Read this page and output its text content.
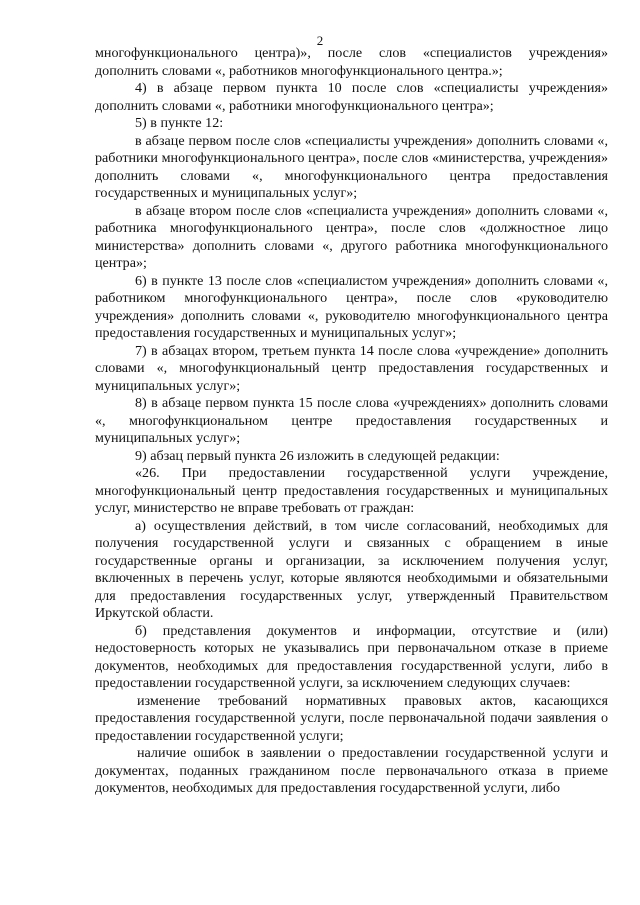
2

многофункционального центра)», после слов «специалистов учреждения» дополнить словами «, работников многофункционального центра.»;

4) в абзаце первом пункта 10 после слов «специалисты учреждения» дополнить словами «, работники многофункционального центра»;

5) в пункте 12:

в абзаце первом после слов «специалисты учреждения» дополнить словами «, работники многофункционального центра», после слов «министерства, учреждения» дополнить словами «, многофункционального центра предоставления государственных и муниципальных услуг»;

в абзаце втором после слов «специалиста учреждения» дополнить словами «, работника многофункционального центра», после слов «должностное лицо министерства» дополнить словами «, другого работника многофункционального центра»;

6) в пункте 13 после слов «специалистом учреждения» дополнить словами «, работником многофункционального центра», после слов «руководителю учреждения» дополнить словами «, руководителю многофункционального центра предоставления государственных и муниципальных услуг»;

7) в абзацах втором, третьем пункта 14 после слова «учреждение» дополнить словами «, многофункциональный центр предоставления государственных и муниципальных услуг»;

8) в абзаце первом пункта 15 после слова «учреждениях» дополнить словами «, многофункциональном центре предоставления государственных и муниципальных услуг»;

9) абзац первый пункта 26 изложить в следующей редакции:

«26. При предоставлении государственной услуги учреждение, многофункциональный центр предоставления государственных и муниципальных услуг, министерство не вправе требовать от граждан:

а) осуществления действий, в том числе согласований, необходимых для получения государственной услуги и связанных с обращением в иные государственные органы и организации, за исключением получения услуг, включенных в перечень услуг, которые являются необходимыми и обязательными для предоставления государственных услуг, утвержденный Правительством Иркутской области.

б) представления документов и информации, отсутствие и (или) недостоверность которых не указывались при первоначальном отказе в приеме документов, необходимых для предоставления государственной услуги, либо в предоставлении государственной услуги, за исключением следующих случаев:

изменение требований нормативных правовых актов, касающихся предоставления государственной услуги, после первоначальной подачи заявления о предоставлении государственной услуги;

наличие ошибок в заявлении о предоставлении государственной услуги и документах, поданных гражданином после первоначального отказа в приеме документов, необходимых для предоставления государственной услуги, либо
